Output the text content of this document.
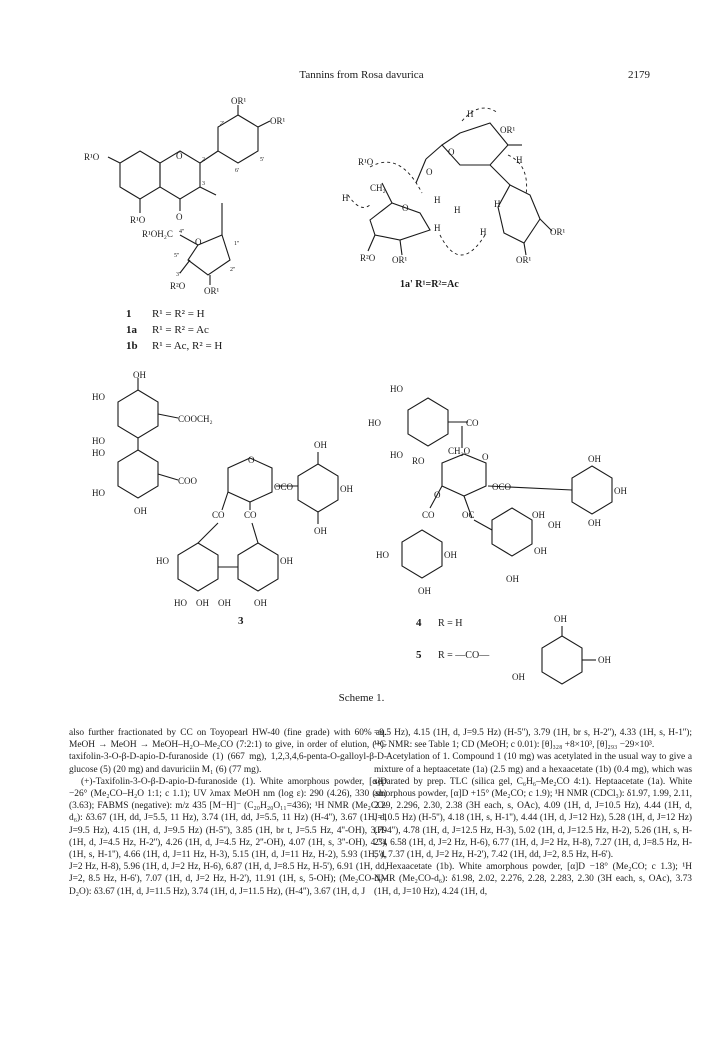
Tannins from Rosa davurica	2179
OR¹
OR¹
2'
5'
6'
R¹O	2
3
O
O
R¹O
R¹OH₂C 4''
5''
O	1''
3''
2''
R²O OR¹
H
OR¹
O
H
R¹O
CH₂
O
O
H	H
H
H	H
R²O OR¹
OR¹
OR¹
H
1a' R¹=R²=Ac
1 R¹ = R² = H
1a R¹ = R² = Ac
1b R¹ = Ac, R² = H
OH
HO
HO
HO
COOCH₂
COO
O
HO
OH	CO CO
OCO
OH
OH
OH
HO	OH
HO OH OH	OH
3
HO
HO
HO
CO
CH₂O
RO	O
O
OCO
OH
OH
OH
CO	OC	OH
OH
OH
HO	OH
OH
OH
4 R = H
5 R = —CO—
OH
OH
OH
Scheme 1.

also further fractionated by CC on Toyopearl HW-40 (fine grade) with 60% aq. MeOH → MeOH → MeOH–H₂O–Me₂CO (7:2:1) to give, in order of elution, (+)-taxifolin-3-O-β-D-apio-D-furanoside (1) (667 mg), 1,2,3,4,6-penta-O-galloyl-β-D-glucose (5) (20 mg) and davuriciin M₁ (6) (77 mg).

(+)-Taxifolin-3-O-β-D-apio-D-furanoside (1). White amorphous powder, [α]D −26° (Me₂CO–H₂O 1:1; c 1.1); UV λmax MeOH nm (log ε): 290 (4.26), 330 (sh) (3.63); FABMS (negative): m/z 435 [M−H]⁻ (C₂₀H₂₀O₁₁=436); ¹H NMR (Me₂CO-d₆): δ3.67 (1H, dd, J=5.5, 11 Hz), 3.74 (1H, dd, J=5.5, 11 Hz) (H-4''), 3.67 (1H, d, J=9.5 Hz), 4.15 (1H, d, J=9.5 Hz) (H-5''), 3.85 (1H, br t, J=5.5 Hz, 4''-OH), 3.79 (1H, d, J=4.5 Hz, H-2''), 4.26 (1H, d, J=4.5 Hz, 2''-OH), 4.07 (1H, s, 3''-OH), 4.34 (1H, s, H-1''), 4.66 (1H, d, J=11 Hz, H-3), 5.15 (1H, d, J=11 Hz, H-2), 5.93 (1H, d, J=2 Hz, H-8), 5.96 (1H, d, J=2 Hz, H-6), 6.87 (1H, d, J=8.5 Hz, H-5'), 6.91 (1H, dd, J=2, 8.5 Hz, H-6'), 7.07 (1H, d, J=2 Hz, H-2'), 11.91 (1H, s, 5-OH); (Me₂CO-d₆–D₂O): δ3.67 (1H, d, J=11.5 Hz), 3.74 (1H, d, J=11.5 Hz), (H-4''), 3.67 (1H, d, J

=9.5 Hz), 4.15 (1H, d, J=9.5 Hz) (H-5''), 3.79 (1H, br s, H-2''), 4.33 (1H, s, H-1''); ¹³C NMR: see Table 1; CD (MeOH; c 0.01): [θ]₃₂₈ +8×10³, [θ]₂₉₃ −29×10³.

Acetylation of 1. Compound 1 (10 mg) was acetylated in the usual way to give a mixture of a heptaacetate (1a) (2.5 mg) and a hexaacetate (1b) (0.4 mg), which was separated by prep. TLC (silica gel, C₆H₆–Me₂CO 4:1). Heptaacetate (1a). White amorphous powder, [α]D +15° (Me₂CO; c 1.9); ¹H NMR (CDCl₃): δ1.97, 1.99, 2.11, 2.29, 2.296, 2.30, 2.38 (3H each, s, OAc), 4.09 (1H, d, J=10.5 Hz), 4.44 (1H, d, J=10.5 Hz) (H-5''), 4.18 (1H, s, H-1''), 4.44 (1H, d, J=12 Hz), 5.28 (1H, d, J=12 Hz) (H-4''), 4.78 (1H, d, J=12.5 Hz, H-3), 5.02 (1H, d, J=12.5 Hz, H-2), 5.26 (1H, s, H-2''), 6.58 (1H, d, J=2 Hz, H-6), 6.77 (1H, d, J=2 Hz, H-8), 7.27 (1H, d, J=8.5 Hz, H-5'), 7.37 (1H, d, J=2 Hz, H-2'), 7.42 (1H, dd, J=2, 8.5 Hz, H-6').

Hexaacetate (1b). White amorphous powder, [α]D −18° (Me₂CO; c 1.3); ¹H NMR (Me₂CO-d₆): δ1.98, 2.02, 2.276, 2.28, 2.283, 2.30 (3H each, s, OAc), 3.73 (1H, d, J=10 Hz), 4.24 (1H, d,
